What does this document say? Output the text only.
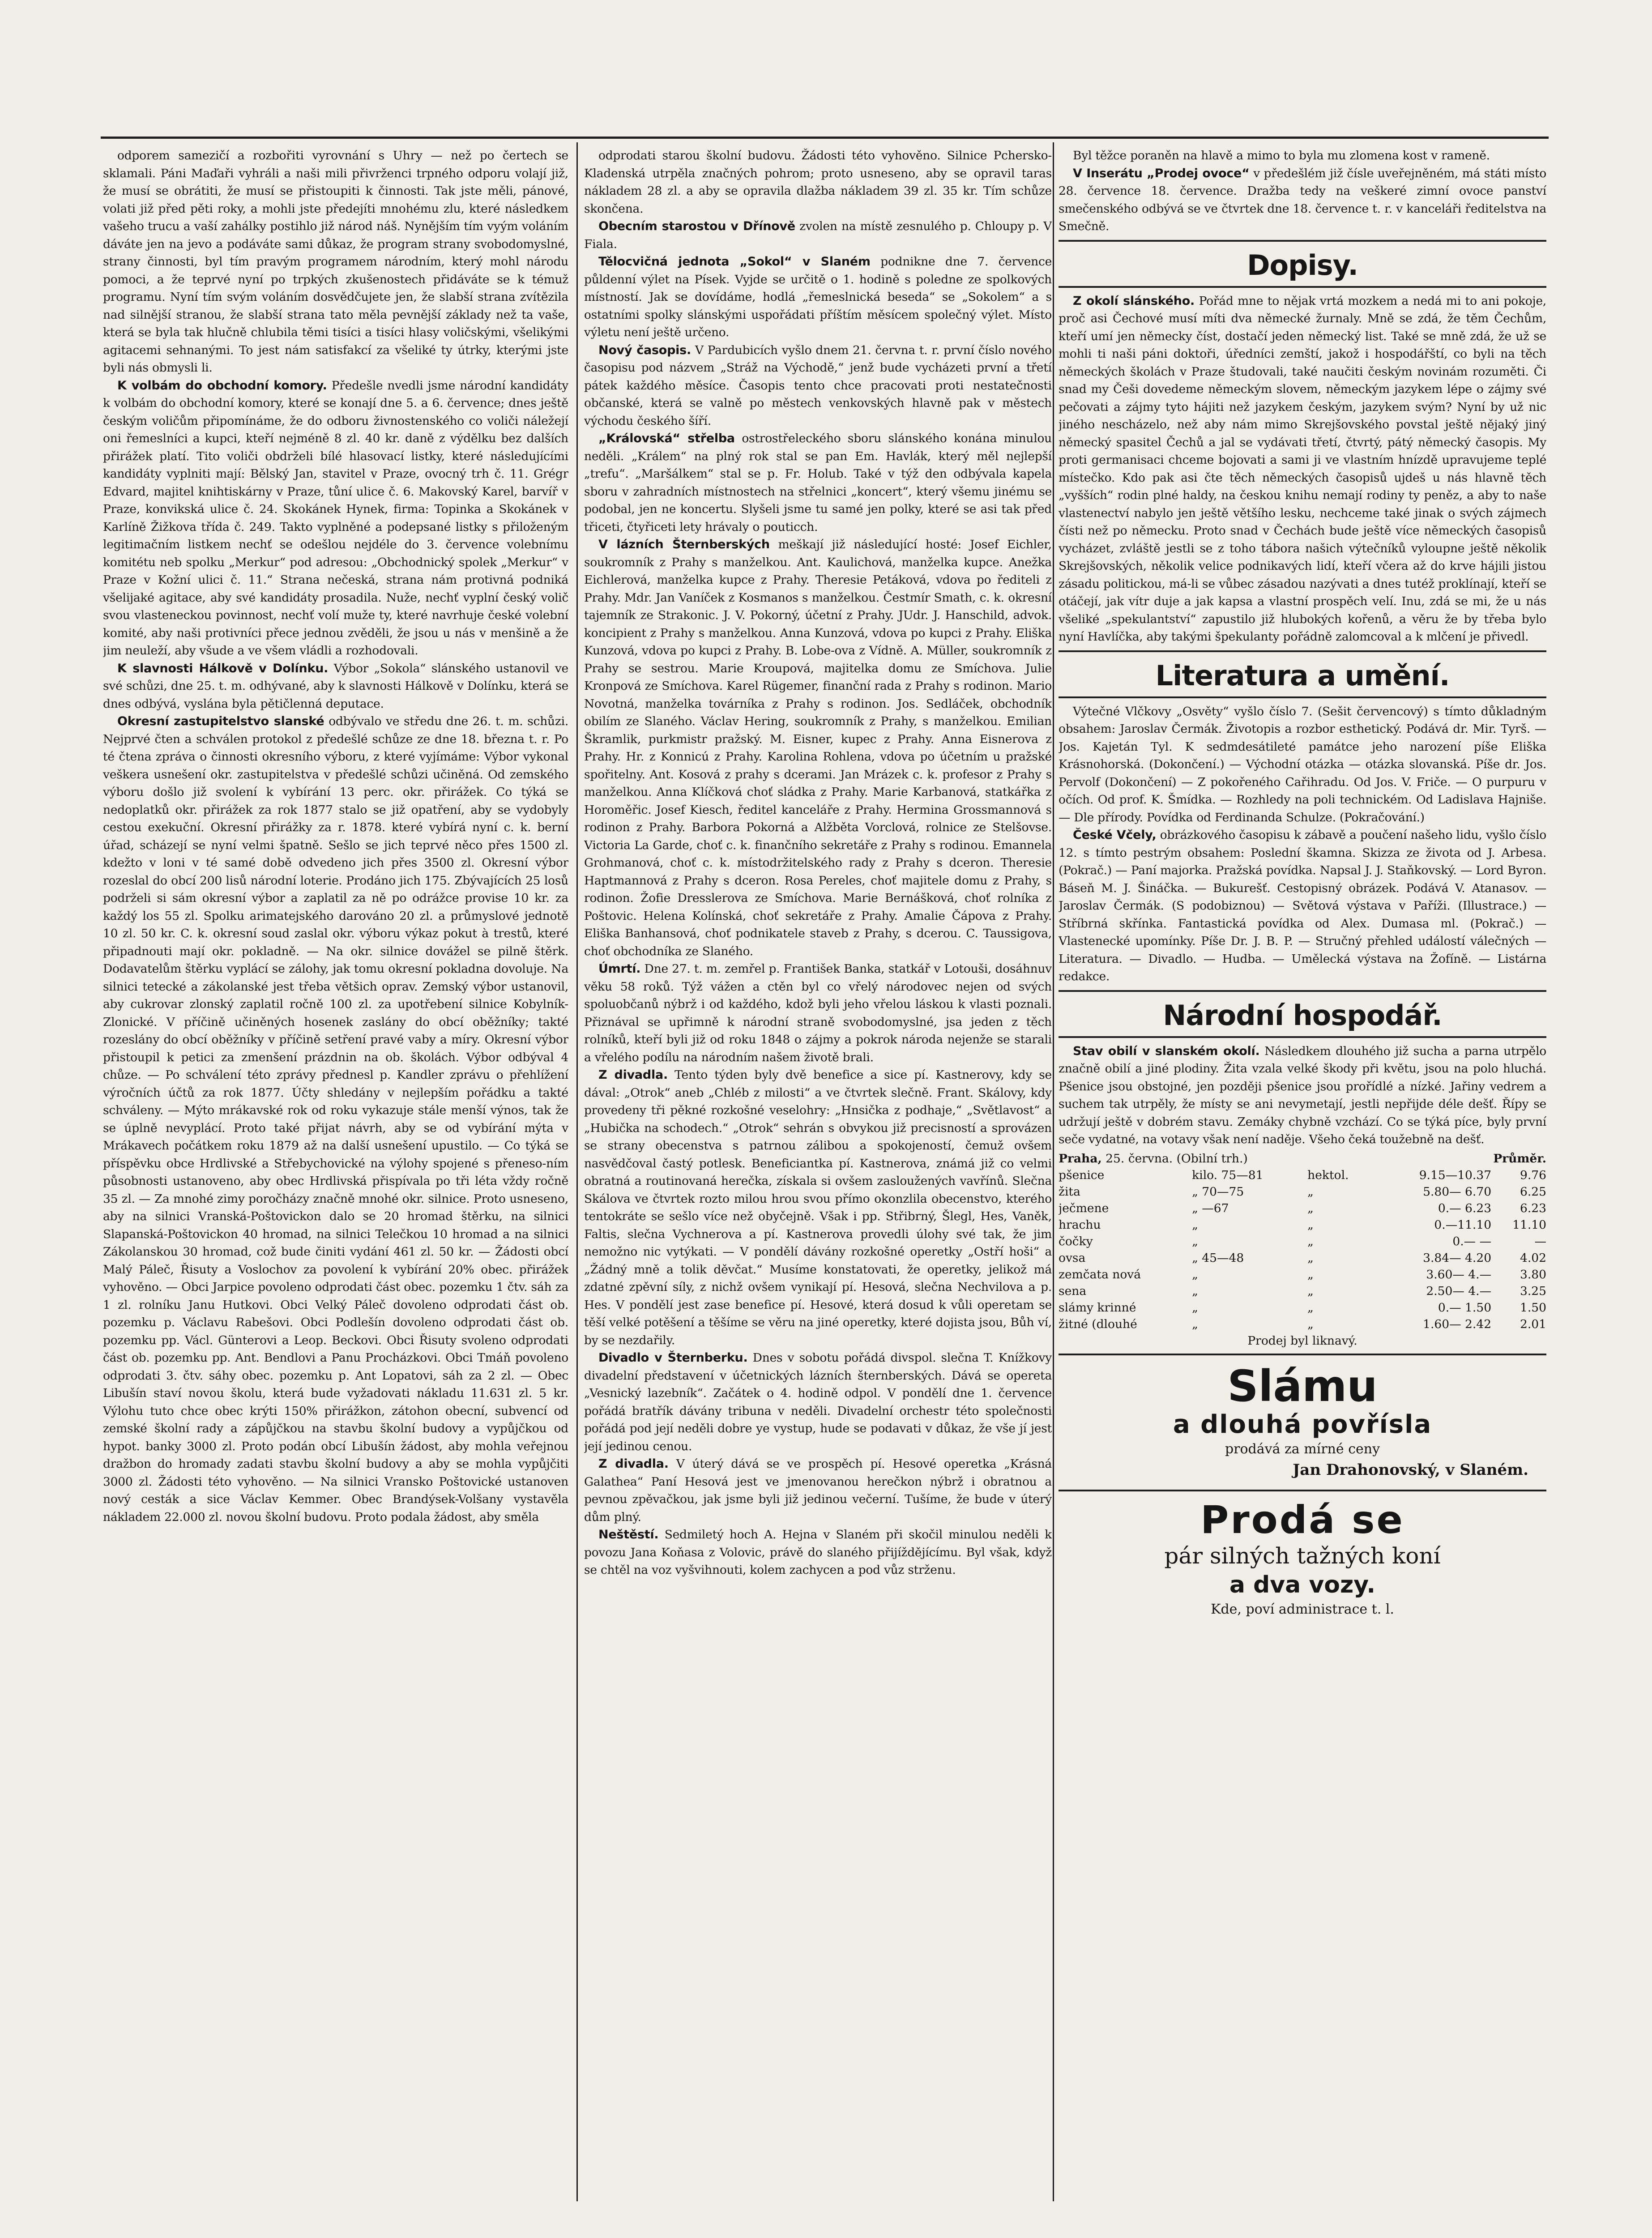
odporem samezičí a rozbořiti vyrovnání s Uhry — než po čertech se sklamali. Páni Maďaři vyhráli a naši mili přivrženci trpného odporu volají již, že musí se obrátiti, že musí se přistoupiti k činnosti. Tak jste měli, pánové, volati již před pěti roky, a mohli jste předejíti mnohému zlu, které následkem vašeho trucu a vaší zahálky postihlo již národ náš. Nynějším tím vyým voláním dáváte jen na jevo a podáváte sami důkaz, že program strany svobodomyslné, strany činnosti, byl tím pravým programem národním, který mohl národu pomoci, a že teprvé nyní po trpkých zkušenostech přidáváte se k témuž programu. Nyní tím svým voláním dosvědčujete jen, že slabší strana zvítězila nad silnější stranou, že slabší strana tato měla pevnější základy než ta vaše, která se byla tak hlučně chlubila těmi tisíci a tisíci hlasy voličskými, všelikými agitacemi sehnanými. To jest nám satisfakcí za všeliké ty útrky, kterými jste byli nás obmysli li.

K volbám do obchodní komory. Předešle nvedli jsme národní kandidáty k volbám do obchodní komory, které se konají dne 5. a 6. července; dnes ještě českým voličům připomínáme, že do odboru živnostenského co voliči náležejí oni řemeslníci a kupci, kteří nejméně 8 zl. 40 kr. daně z výdělku bez dalších přirážek platí. Tito voliči obdrželi bílé hlasovací listky, které následujícími kandidáty vyplniti mají: Bělský Jan, stavitel v Praze, ovocný trh č. 11. Grégr Edvard, majitel knihtiskárny v Praze, tůní ulice č. 6. Makovský Karel, barvíř v Praze, konvikská ulice č. 24. Skokánek Hynek, firma: Topinka a Skokánek v Karlíně Žižkova třída č. 249. Takto vyplněné a podepsané listky s přiloženým legitimačním listkem nechť se odešlou nejdéle do 3. července volebnímu komitétu neb spolku „Merkur“ pod adresou: „Obchodnický spolek „Merkur“ v Praze v Kožní ulici č. 11.“ Strana nečeská, strana nám protivná podniká všelijaké agitace, aby své kandidáty prosadila. Nuže, nechť vyplní český volič svou vlasteneckou povinnost, nechť volí muže ty, které navrhuje české volební komité, aby naši protivníci přece jednou zvěděli, že jsou u nás v menšině a že jim neuleží, aby všude a ve všem vládli a rozhodovali.

K slavnosti Hálkově v Dolínku. Výbor „Sokola“ slánského ustanovil ve své schůzi, dne 25. t. m. odhývané, aby k slavnosti Hálkově v Dolínku, která se dnes odbývá, vyslána byla pětičlenná deputace.

Okresní zastupitelstvo slanské odbývalo ve středu dne 26. t. m. schůzi. Nejprvé čten a schválen protokol z předešlé schůze ze dne 18. března t. r. Po té čtena zpráva o činnosti okresního výboru, z které vyjímáme: Výbor vykonal veškera usnešení okr. zastupitelstva v předešlé schůzi učiněná. Od zemského výboru došlo již svolení k vybírání 13 perc. okr. přirážek. Co týká se nedoplatků okr. přirážek za rok 1877 stalo se již opatření, aby se vydobyly cestou exekuční. Okresní přirážky za r. 1878. které vybírá nyní c. k. berní úřad, scházejí se nyní velmi špatně. Sešlo se jich teprvé něco přes 1500 zl. kdežto v loni v té samé době odvedeno jich přes 3500 zl. Okresní výbor rozeslal do obcí 200 lisů národní loterie. Prodáno jich 175. Zbývajících 25 losů podrželi si sám okresní výbor a zaplatil za ně po odrážce provise 10 kr. za každý los 55 zl. Spolku arimatejského darováno 20 zl. a průmyslové jednotě 10 zl. 50 kr. C. k. okresní soud zaslal okr. výboru výkaz pokut à trestů, které připadnouti mají okr. pokladně. — Na okr. silnice dovážel se pilně štěrk. Dodavatelům štěrku vyplácí se zálohy, jak tomu okresní pokladna dovoluje. Na silnici tetecké a zákolanské jest třeba většich oprav. Zemský výbor ustanovil, aby cukrovar zlonský zaplatil ročně 100 zl. za upotřebení silnice Kobylník-Zlonické. V příčině učiněných hosenek zaslány do obcí oběžníky; takté rozeslány do obcí oběžníky v příčině setření pravé vaby a míry. Okresní výbor přistoupil k petici za zmenšení prázdnin na ob. školách. Výbor odbýval 4 chůze. — Po schválení této zprávy přednesl p. Kandler zprávu o přehlížení výročních účtů za rok 1877. Účty shledány v nejlepším pořádku a takté schváleny. — Mýto mrákavské rok od roku vykazuje stále menší výnos, tak že se úplně nevyplácí. Proto také přijat návrh, aby se od vybírání mýta v Mrákavech počátkem roku 1879 až na další usnešení upustilo. — Co týká se příspěvku obce Hrdlivské a Střebychovické na výlohy spojené s přeneso-ním působnosti ustanoveno, aby obec Hrdlivská přispívala po tři léta vždy ročně 35 zl. — Za mnohé zimy poročházy značně mnohé okr. silnice. Proto usneseno, aby na silnici Vranská-Poštovickon dalo se 20 hromad štěrku, na silnici Slapanská-Poštovickon 40 hromad, na silnici Telečkou 10 hromad a na silnici Zákolanskou 30 hromad, což bude činiti vydání 461 zl. 50 kr. — Žádosti obcí Malý Páleč, Řisuty a Voslochov za povolení k vybírání 20% obec. přirážek vyhověno. — Obci Jarpice povoleno odprodati část obec. pozemku 1 čtv. sáh za 1 zl. rolníku Janu Hutkovi. Obci Velký Páleč dovoleno odprodati část ob. pozemku p. Václavu Rabešovi. Obci Podlešín dovoleno odprodati část ob. pozemku pp. Václ. Günterovi a Leop. Beckovi. Obci Řisuty svoleno odprodati část ob. pozemku pp. Ant. Bendlovi a Panu Procházkovi. Obci Tmáň povoleno odprodati 3. čtv. sáhy obec. pozemku p. Ant Lopatovi, sáh za 2 zl. — Obec Libušín staví novou školu, která bude vyžadovati nákladu 11.631 zl. 5 kr. Výlohu tuto chce obec krýti 150% přirážkon, zátohon obecní, subvencí od zemské školní rady a zápůjčkou na stavbu školní budovy a vypůjčkou od hypot. banky 3000 zl. Proto podán obcí Libušín žádost, aby mohla veřejnou dražbon do hromady zadati stavbu školní budovy a aby se mohla vypůjčiti 3000 zl. Žádosti této vyhověno. — Na silnici Vransko Poštovické ustanoven nový cesták a sice Václav Kemmer. Obec Brandýsek-Volšany vystavěla nákladem 22.000 zl. novou školní budovu. Proto podala žádost, aby směla

odprodati starou školní budovu. Žádosti této vyhověno. Silnice Pchersko-Kladenská utrpěla značných pohrom; proto usneseno, aby se opravil taras nákladem 28 zl. a aby se opravila dlažba nákladem 39 zl. 35 kr. Tím schůze skončena.

Obecním starostou v Dřínově zvolen na místě zesnulého p. Chloupy p. V Fiala.

Tělocvičná jednota „Sokol“ v Slaném podnikne dne 7. července půldenní výlet na Písek. Vyjde se určitě o 1. hodině s poledne ze spolkových místností. Jak se dovídáme, hodlá „řemeslnická beseda“ se „Sokolem“ a s ostatními spolky slánskými uspořádati příštím měsícem společný výlet. Místo výletu není ještě určeno.

Nový časopis. V Pardubicích vyšlo dnem 21. června t. r. první číslo nového časopisu pod názvem „Stráž na Východě,“ jenž bude vycházeti první a třetí pátek každého měsíce. Časopis tento chce pracovati proti nestatečnosti občanské, která se valně po městech venkovských hlavně pak v městech východu českého šíří.

„Královská“ střelba ostrostřeleckého sboru slánského konána minulou neděli. „Králem“ na plný rok stal se pan Em. Havlák, který měl nejlepší „trefu“. „Maršálkem“ stal se p. Fr. Holub. Také v týž den odbývala kapela sboru v zahradních místnostech na střelnici „koncert“, který všemu jinému se podobal, jen ne koncertu. Slyšeli jsme tu samé jen polky, které se asi tak před třiceti, čtyřiceti lety hrávaly o pouticch.

V lázních Šternberských meškají již následující hosté: Josef Eichler, soukromník z Prahy s manželkou. Ant. Kaulichová, manželka kupce. Anežka Eichlerová, manželka kupce z Prahy. Theresie Petáková, vdova po řediteli z Prahy. Mdr. Jan Vaníček z Kosmanos s manželkou. Čestmír Smath, c. k. okresní tajemník ze Strakonic. J. V. Pokorný, účetní z Prahy. JUdr. J. Hanschild, advok. koncipient z Prahy s manželkou. Anna Kunzová, vdova po kupci z Prahy. Eliška Kunzová, vdova po kupci z Prahy. B. Lobe-ova z Vídně. A. Müller, soukromník z Prahy se sestrou. Marie Kroupová, majitelka domu ze Smíchova. Julie Kronpová ze Smíchova. Karel Rügemer, finanční rada z Prahy s rodinon. Mario Novotná, manželka továrníka z Prahy s rodinon. Jos. Sedláček, obchodník obilím ze Slaného. Václav Hering, soukromník z Prahy, s manželkou. Emilian Škramlik, purkmistr pražský. M. Eisner, kupec z Prahy. Anna Eisnerova z Prahy. Hr. z Konnicú z Prahy. Karolina Rohlena, vdova po účetním u pražské spořitelny. Ant. Kosová z prahy s dcerami. Jan Mrázek c. k. profesor z Prahy s manželkou. Anna Klíčková choť sládka z Prahy. Marie Karbanová, statkářka z Horoměřic. Josef Kiesch, ředitel kanceláře z Prahy. Hermina Grossmannová s rodinon z Prahy. Barbora Pokorná a Alžběta Vorclová, rolnice ze Stelšovse. Victoria La Garde, choť c. k. finančního sekretáře z Prahy s rodinou. Emannela Grohmanová, choť c. k. místodržitelského rady z Prahy s dceron. Theresie Haptmannová z Prahy s dceron. Rosa Pereles, choť majitele domu z Prahy, s rodinon. Žofie Dresslerova ze Smíchova. Marie Bernášková, choť rolníka z Poštovic. Helena Kolínská, choť sekretáře z Prahy. Amalie Čápova z Prahy. Eliška Banhansová, choť podnikatele staveb z Prahy, s dcerou. C. Taussigova, choť obchodníka ze Slaného.

Úmrtí. Dne 27. t. m. zemřel p. František Banka, statkář v Lotouši, dosáhnuv věku 58 roků. Týž vážen a ctěn byl co vřelý národovec nejen od svých spoluobčanů nýbrž i od každého, kdož byli jeho vřelou láskou k vlasti poznali. Přiznával se upřimně k národní straně svobodomyslné, jsa jeden z těch rolníků, kteří byli již od roku 1848 o zájmy a pokrok národa nejenže se starali a vřelého podílu na národním našem životě brali.

Z divadla. Tento týden byly dvě benefice a sice pí. Kastnerovy, kdy se dával: „Otrok“ aneb „Chléb z milosti“ a ve čtvrtek slečně. Frant. Skálovy, kdy provedeny tři pěkné rozkošné veselohry: „Hnsička z podhaje,“ „Světlavost“ a „Hubička na schodech.“ „Otrok“ sehrán s obvykou již precisností a sprovázen se strany obecenstva s patrnou zálibou a spokojeností, čemuž ovšem nasvědčoval častý potlesk. Beneficiantka pí. Kastnerova, známá již co velmi obratná a routinovaná herečka, získala si ovšem zasloužených vavřínů. Slečna Skálova ve čtvrtek rozto milou hrou svou přímo okonzlila obecenstvo, kterého tentokráte se sešlo více než obyčejně. Však i pp. Střibrný, Šlegl, Hes, Vaněk, Faltis, slečna Vychnerova a pí. Kastnerova provedli úlohy své tak, že jim nemožno nic vytýkati. — V pondělí dávány rozkošné operetky „Ostří hoši“ a „Žádný mně a tolik děvčat.“ Musíme konstatovati, že operetky, jelikož má zdatné zpěvní síly, z nichž ovšem vynikají pí. Hesová, slečna Nechvilova a p. Hes. V pondělí jest zase benefice pí. Hesové, která dosud k vůli operetam se těší velké potěšení a těšíme se věru na jiné operetky, které dojista jsou, Bůh ví, by se nezdařily.

Divadlo v Šternberku. Dnes v sobotu pořádá divspol. slečna T. Knížkovy divadelní představení v účetnických lázních šternberských. Dává se opereta „Vesnický lazebník“. Začátek o 4. hodině odpol. V pondělí dne 1. července pořádá bratřík dávány tribuna v neděli. Divadelní orchestr této společnosti pořádá pod její neděli dobre ye vystup, hude se podavati v důkaz, že vše jí jest její jedinou cenou.

Z divadla. V úterý dává se ve prospěch pí. Hesové operetka „Krásná Galathea“ Paní Hesová jest ve jmenovanou herečkon nýbrž i obratnou a pevnou zpěvačkou, jak jsme byli již jedinou večerní. Tušíme, že bude v úterý dům plný.

Neštěstí. Sedmiletý hoch A. Hejna v Slaném při skočil minulou neděli k povozu Jana Koňasa z Volovic, právě do slaného přijíždějícímu. Byl však, když se chtěl na voz vyšvihnouti, kolem zachycen a pod vůz strženu.

Byl těžce poraněn na hlavě a mimo to byla mu zlomena kost v rameně.

V Inserátu „Prodej ovoce“ v předešlém již čísle uveřejněném, má státi místo 28. července 18. července. Dražba tedy na veškeré zimní ovoce panství smečenského odbývá se ve čtvrtek dne 18. července t. r. v kanceláři ředitelstva na Smečně.

Dopisy.

Z okolí slánského. Pořád mne to nějak vrtá mozkem a nedá mi to ani pokoje, proč asi Čechové musí míti dva německé žurnaly. Mně se zdá, že těm Čechům, kteří umí jen německy číst, dostačí jeden německý list. Také se mně zdá, že už se mohli ti naši páni doktoři, úředníci zemští, jakož i hospodářští, co byli na těch německých školách v Praze študovali, také naučiti českým novinám rozuměti. Či snad my Češi dovedeme německým slovem, německým jazykem lépe o zájmy své pečovati a zájmy tyto hájiti než jazykem českým, jazykem svým? Nyní by už nic jiného nescházelo, než aby nám mimo Skrejšovského povstal ještě nějaký jiný německý spasitel Čechů a jal se vydávati třetí, čtvrtý, pátý německý časopis. My proti germanisaci chceme bojovati a sami ji ve vlastním hnízdě upravujeme teplé místečko. Kdo pak asi čte těch německých časopisů ujdeš u nás hlavně těch „vyšších“ rodin plné haldy, na českou knihu nemají rodiny ty peněz, a aby to naše vlastenectví nabylo jen ještě většího lesku, nechceme také jinak o svých zájmech čísti než po německu. Proto snad v Čechách bude ještě více německých časopisů vycházet, zvláště jestli se z toho tábora našich výtečníků vyloupne ještě několik Skrejšovských, několik velice podnikavých lidí, kteří včera až do krve hájili jistou zásadu politickou, má-li se vůbec zásadou nazývati a dnes tutéž proklínají, kteří se otáčejí, jak vítr duje a jak kapsa a vlastní prospěch velí. Inu, zdá se mi, že u nás všeliké „spekulantství“ zapustilo již hlubokých kořenů, a věru že by třeba bylo nyní Havlíčka, aby takými špekulanty pořádně zalomcoval a k mlčení je přivedl.

Literatura a umění.

Výtečné Vlčkovy „Osvěty“ vyšlo číslo 7. (Sešit červencový) s tímto důkladným obsahem: Jaroslav Čermák. Životopis a rozbor esthetický. Podává dr. Mir. Tyrš. — Jos. Kajetán Tyl. K sedmdesátileté památce jeho narození píše Eliška Krásnohorská. (Dokončení.) — Východní otázka — otázka slovanská. Píše dr. Jos. Pervolf (Dokončení) — Z pokořeného Cařihradu. Od Jos. V. Friče. — O purpuru v očích. Od prof. K. Šmídka. — Rozhledy na poli technickém. Od Ladislava Hajniše. — Dle přírody. Povídka od Ferdinanda Schulze. (Pokračování.)

České Včely, obrázkového časopisu k zábavě a poučení našeho lidu, vyšlo číslo 12. s tímto pestrým obsahem: Poslední škamna. Skizza ze života od J. Arbesa. (Pokrač.) — Paní majorka. Pražská povídka. Napsal J. J. Staňkovský. — Lord Byron. Báseň M. J. Šináčka. — Bukurešť. Cestopisný obrázek. Podává V. Atanasov. — Jaroslav Čermák. (S podobiznou) — Světová výstava v Paříži. (Illustrace.) — Stříbrná skřínka. Fantastická povídka od Alex. Dumasa ml. (Pokrač.) — Vlastenecké upomínky. Píše Dr. J. B. P. — Stručný přehled událostí válečných — Literatura. — Divadlo. — Hudba. — Umělecká výstava na Žofíně. — Listárna redakce.

Národní hospodář.

Stav obilí v slanském okolí. Následkem dlouhého již sucha a parna utrpělo značně obilí a jiné plodiny. Žita vzala velké škody při květu, jsou na polo hluchá. Pšenice jsou obstojné, jen později pšenice jsou prořídlé a nízké. Jařiny vedrem a suchem tak utrpěly, že místy se ani nevymetají, jestli nepřijde déle dešť. Řípy se udržují ještě v dobrém stavu. Zemáky chybně vzchází. Co se týká píce, byly první seče vydatné, na votavy však není naděje. Všeho čeká toužebně na dešť.

Praha, 25. června. (Obilní trh.)	Průměr.
pšenice	kilo. 75—81	hektol.	9.15—10.37	9.76
žita	„ 70—75	„	5.80— 6.70	6.25
ječmene	„ —67	„	0.— 6.23	6.23
hrachu	„	„	0.—11.10	11.10
čočky	„	„	0.— —	—
ovsa	„ 45—48	„	3.84— 4.20	4.02
zemčata nová	„	„	3.60— 4.—	3.80
sena	„	„	2.50— 4.—	3.25
slámy krinné	„	„	0.— 1.50	1.50
žitné (dlouhé	„	„	1.60— 2.42	2.01
Prodej byl liknavý.

Slámu

a dlouhá povřísla

prodává za mírné ceny

Jan Drahonovský, v Slaném.

Prodá se

pár silných tažných koní

a dva vozy.

Kde, poví administrace t. l.
